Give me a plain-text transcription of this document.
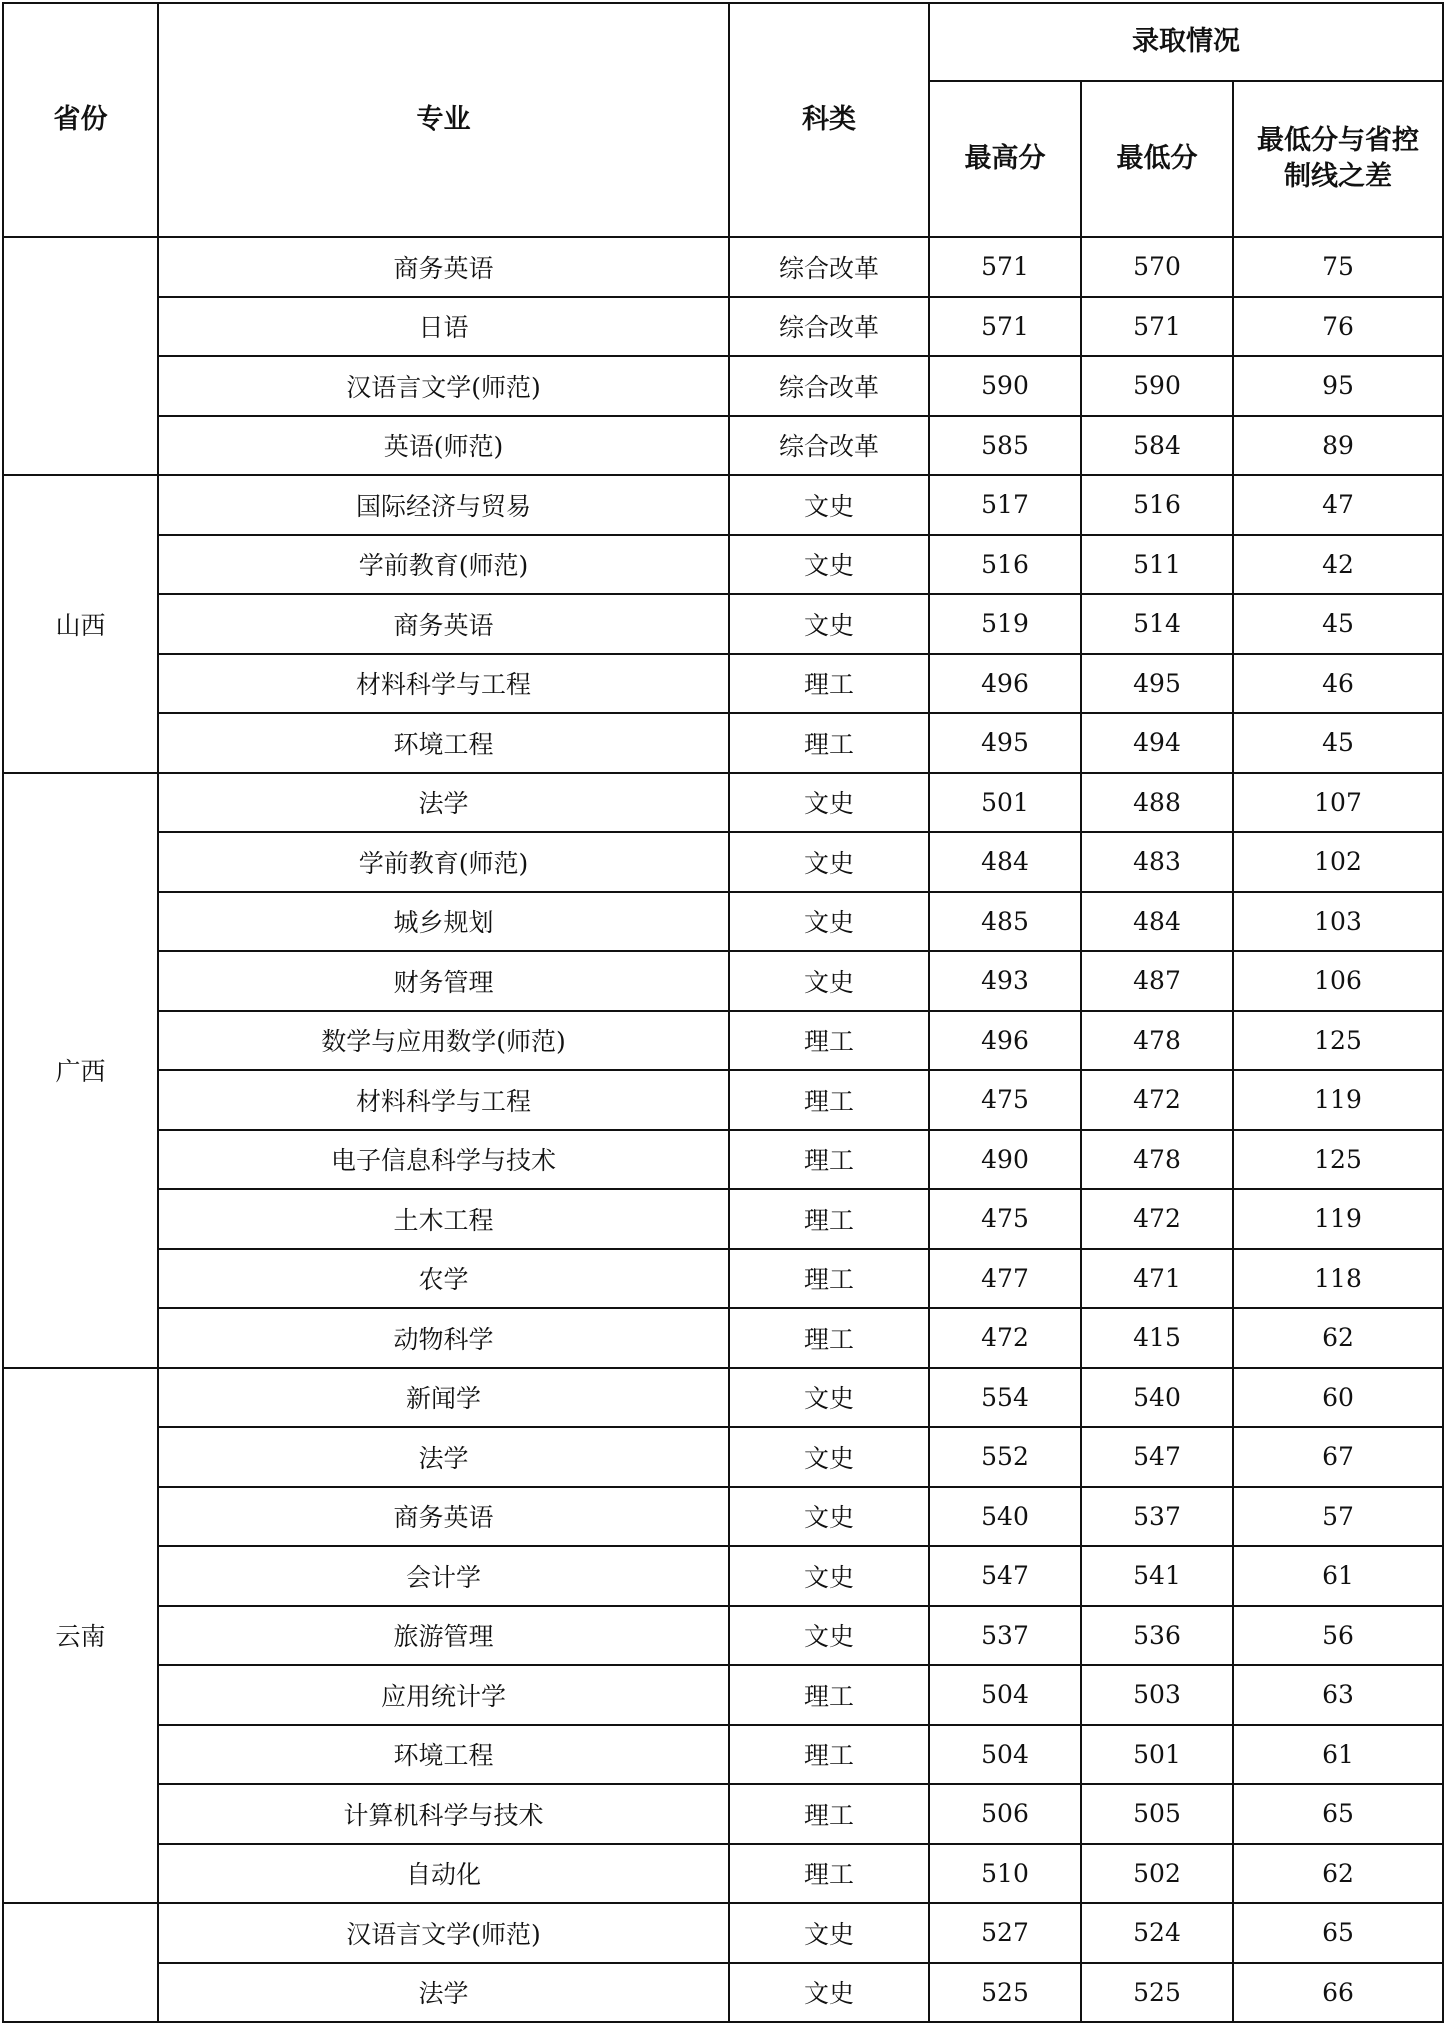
省份	专业	科类	录取情况		
			最高分	最低分	最低分与省控
制线之差
	商务英语	综合改革	571	570	75
	日语	综合改革	571	571	76
	汉语言文学(师范)	综合改革	590	590	95
	英语(师范)	综合改革	585	584	89
山西	国际经济与贸易	文史	517	516	47
	学前教育(师范)	文史	516	511	42
	商务英语	文史	519	514	45
	材料科学与工程	理工	496	495	46
	环境工程	理工	495	494	45
广西	法学	文史	501	488	107
	学前教育(师范)	文史	484	483	102
	城乡规划	文史	485	484	103
	财务管理	文史	493	487	106
	数学与应用数学(师范)	理工	496	478	125
	材料科学与工程	理工	475	472	119
	电子信息科学与技术	理工	490	478	125
	土木工程	理工	475	472	119
	农学	理工	477	471	118
	动物科学	理工	472	415	62
云南	新闻学	文史	554	540	60
	法学	文史	552	547	67
	商务英语	文史	540	537	57
	会计学	文史	547	541	61
	旅游管理	文史	537	536	56
	应用统计学	理工	504	503	63
	环境工程	理工	504	501	61
	计算机科学与技术	理工	506	505	65
	自动化	理工	510	502	62
	汉语言文学(师范)	文史	527	524	65
	法学	文史	525	525	66
